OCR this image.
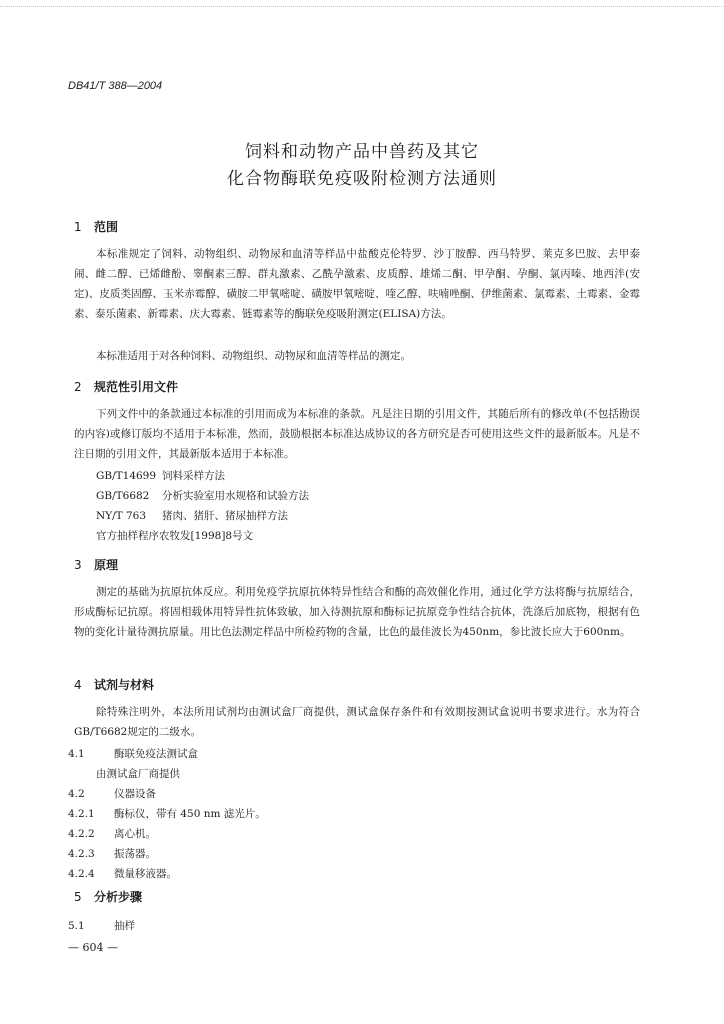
DB41/T 388—2004
饲料和动物产品中兽药及其它
化合物酶联免疫吸附检测方法通则
1 范围

本标准规定了饲料、动物组织、动物尿和血清等样品中盐酸克伦特罗、沙丁胺醇、西马特罗、莱克多巴胺、去甲泰闹、雌二醇、已烯雌酚、睾酮素三醇、群丸激素、乙酰孕激素、皮质醇、雄烯二酮、甲孕酮、孕酮、氯丙嗪、地西泮(安定)、皮质类固醇、玉米赤霉醇、磺胺二甲氧嘧啶、磺胺甲氧嘧啶、喹乙醇、呋喃唑酮、伊维菌素、氯霉素、土霉素、金霉素、泰乐菌素、新霉素、庆大霉素、链霉素等的酶联免疫吸附测定(ELISA)方法。

本标准适用于对各种饲料、动物组织、动物尿和血清等样品的测定。

2 规范性引用文件

下列文件中的条款通过本标准的引用而成为本标准的条款。凡是注日期的引用文件，其随后所有的修改单(不包括勘误的内容)或修订版均不适用于本标准，然而，鼓励根据本标准达成协议的各方研究是否可使用这些文件的最新版本。凡是不注日期的引用文件，其最新版本适用于本标准。

GB/T14699 饲料采样方法
GB/T6682 分析实验室用水规格和试验方法
NY/T 763 猪肉、猪肝、猪尿抽样方法
官方抽样程序农牧发[1998]8号文
3 原理

测定的基础为抗原抗体反应。利用免疫学抗原抗体特异性结合和酶的高效催化作用，通过化学方法将酶与抗原结合，形成酶标记抗原。将固相载体用特异性抗体致敏，加入待测抗原和酶标记抗原竞争性结合抗体，洗涤后加底物，根据有色物的变化计量待测抗原量。用比色法测定样品中所检药物的含量，比色的最佳波长为450nm，参比波长应大于600nm。

4 试剂与材料

除特殊注明外，本法所用试剂均由测试盒厂商提供，测试盒保存条件和有效期按测试盒说明书要求进行。水为符合GB/T6682规定的二级水。

4.1	酶联免疫法测试盒
由测试盒厂商提供
4.2	仪器设备
4.2.1 酶标仪，带有 450 nm 滤光片。
4.2.2 离心机。
4.2.3 振荡器。
4.2.4 微量移液器。
5 分析步骤
5.1	抽样
— 604 —
